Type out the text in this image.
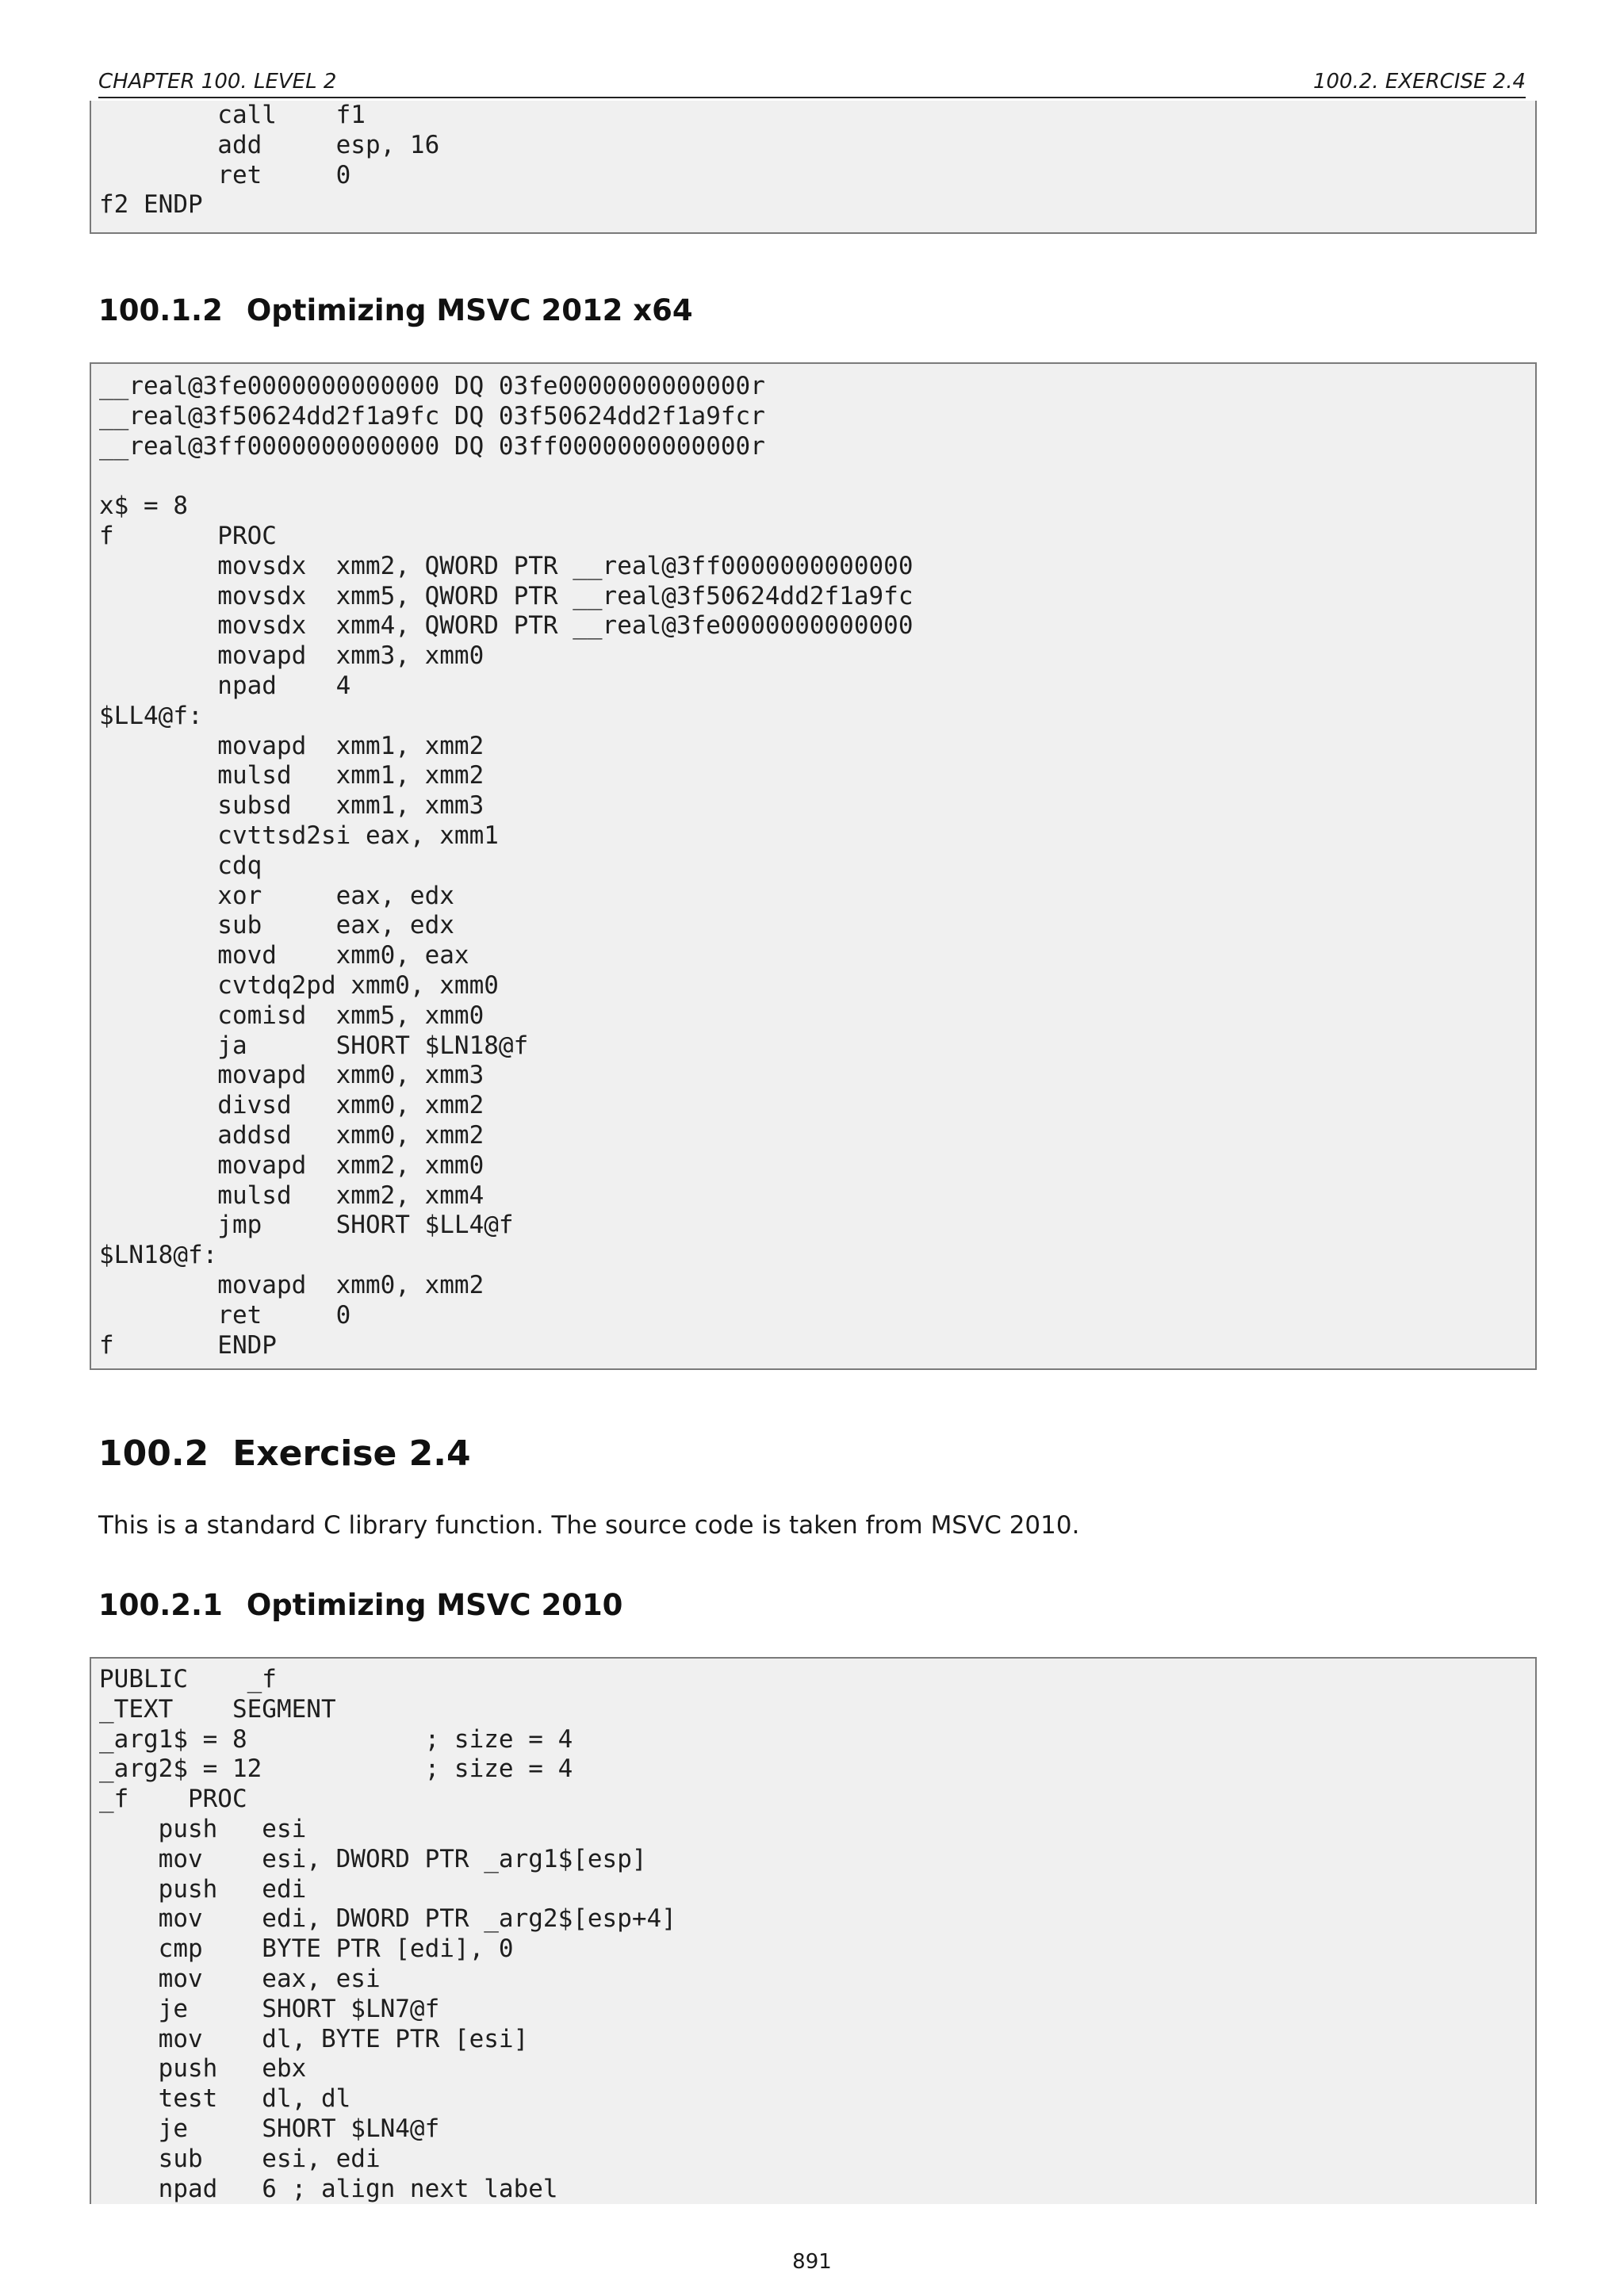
CHAPTER 100. LEVEL 2	100.2. EXERCISE 2.4
call    f1
add     esp, 16
ret     0
f2 ENDP
100.1.2 Optimizing MSVC 2012 x64
__real@3fe0000000000000 DQ 03fe0000000000000r
__real@3f50624dd2f1a9fc DQ 03f50624dd2f1a9fcr
__real@3ff0000000000000 DQ 03ff0000000000000r
x$ = 8
f       PROC
movsdx  xmm2, QWORD PTR __real@3ff0000000000000
movsdx  xmm5, QWORD PTR __real@3f50624dd2f1a9fc
movsdx  xmm4, QWORD PTR __real@3fe0000000000000
movapd  xmm3, xmm0
npad    4
$LL4@f:
movapd  xmm1, xmm2
mulsd   xmm1, xmm2
subsd   xmm1, xmm3
cvttsd2si eax, xmm1
cdq
xor     eax, edx
sub     eax, edx
movd    xmm0, eax
cvtdq2pd xmm0, xmm0
comisd  xmm5, xmm0
ja      SHORT $LN18@f
movapd  xmm0, xmm3
divsd   xmm0, xmm2
addsd   xmm0, xmm2
movapd  xmm2, xmm0
mulsd   xmm2, xmm4
jmp     SHORT $LL4@f
$LN18@f:
movapd  xmm0, xmm2
ret     0
f       ENDP
100.2 Exercise 2.4
This is a standard C library function. The source code is taken from MSVC 2010.
100.2.1 Optimizing MSVC 2010
PUBLIC    _f
_TEXT    SEGMENT
_arg1$ = 8            ; size = 4
_arg2$ = 12           ; size = 4
_f    PROC
push   esi
mov    esi, DWORD PTR _arg1$[esp]
push   edi
mov    edi, DWORD PTR _arg2$[esp+4]
cmp    BYTE PTR [edi], 0
mov    eax, esi
je     SHORT $LN7@f
mov    dl, BYTE PTR [esi]
push   ebx
test   dl, dl
je     SHORT $LN4@f
sub    esi, edi
npad   6 ; align next label
891
